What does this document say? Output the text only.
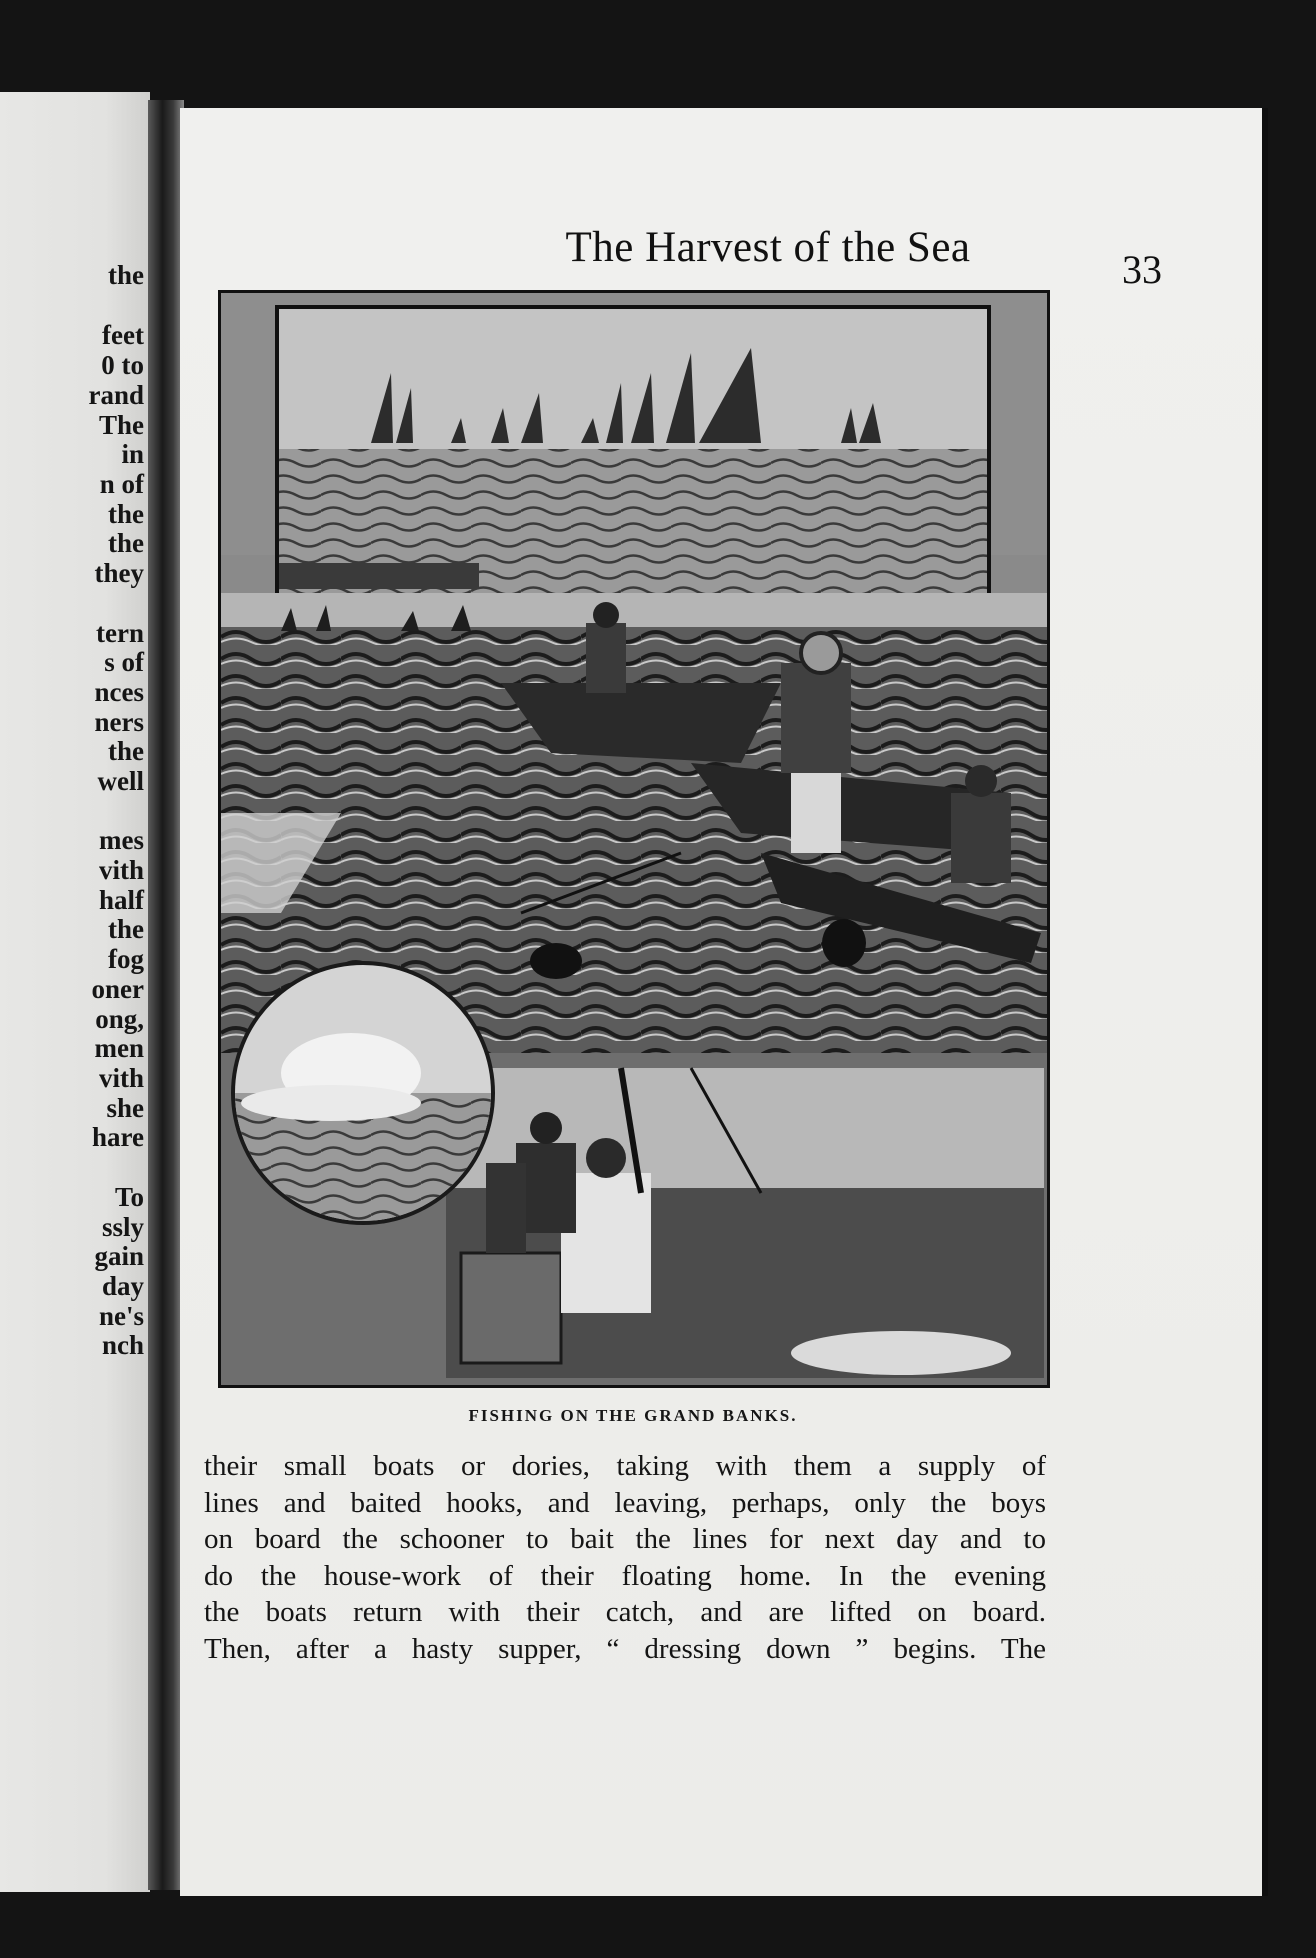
the
feet
0 to
rand
The
in
n of
the
the
they
tern
s of
nces
ners
the
well
mes
vith
half
the
fog
oner
ong,
men
vith
she
hare
To
ssly
gain
day
ne's
nch
The Harvest of the Sea	33
FISHING ON THE GRAND BANKS.
their small boats or dories, taking with them a supply of
lines and baited hooks, and leaving, perhaps, only the boys
on board the schooner to bait the lines for next day and to
do the house-work of their floating home. In the evening
the boats return with their catch, and are lifted on board.
Then, after a hasty supper, “ dressing down ” begins. The
